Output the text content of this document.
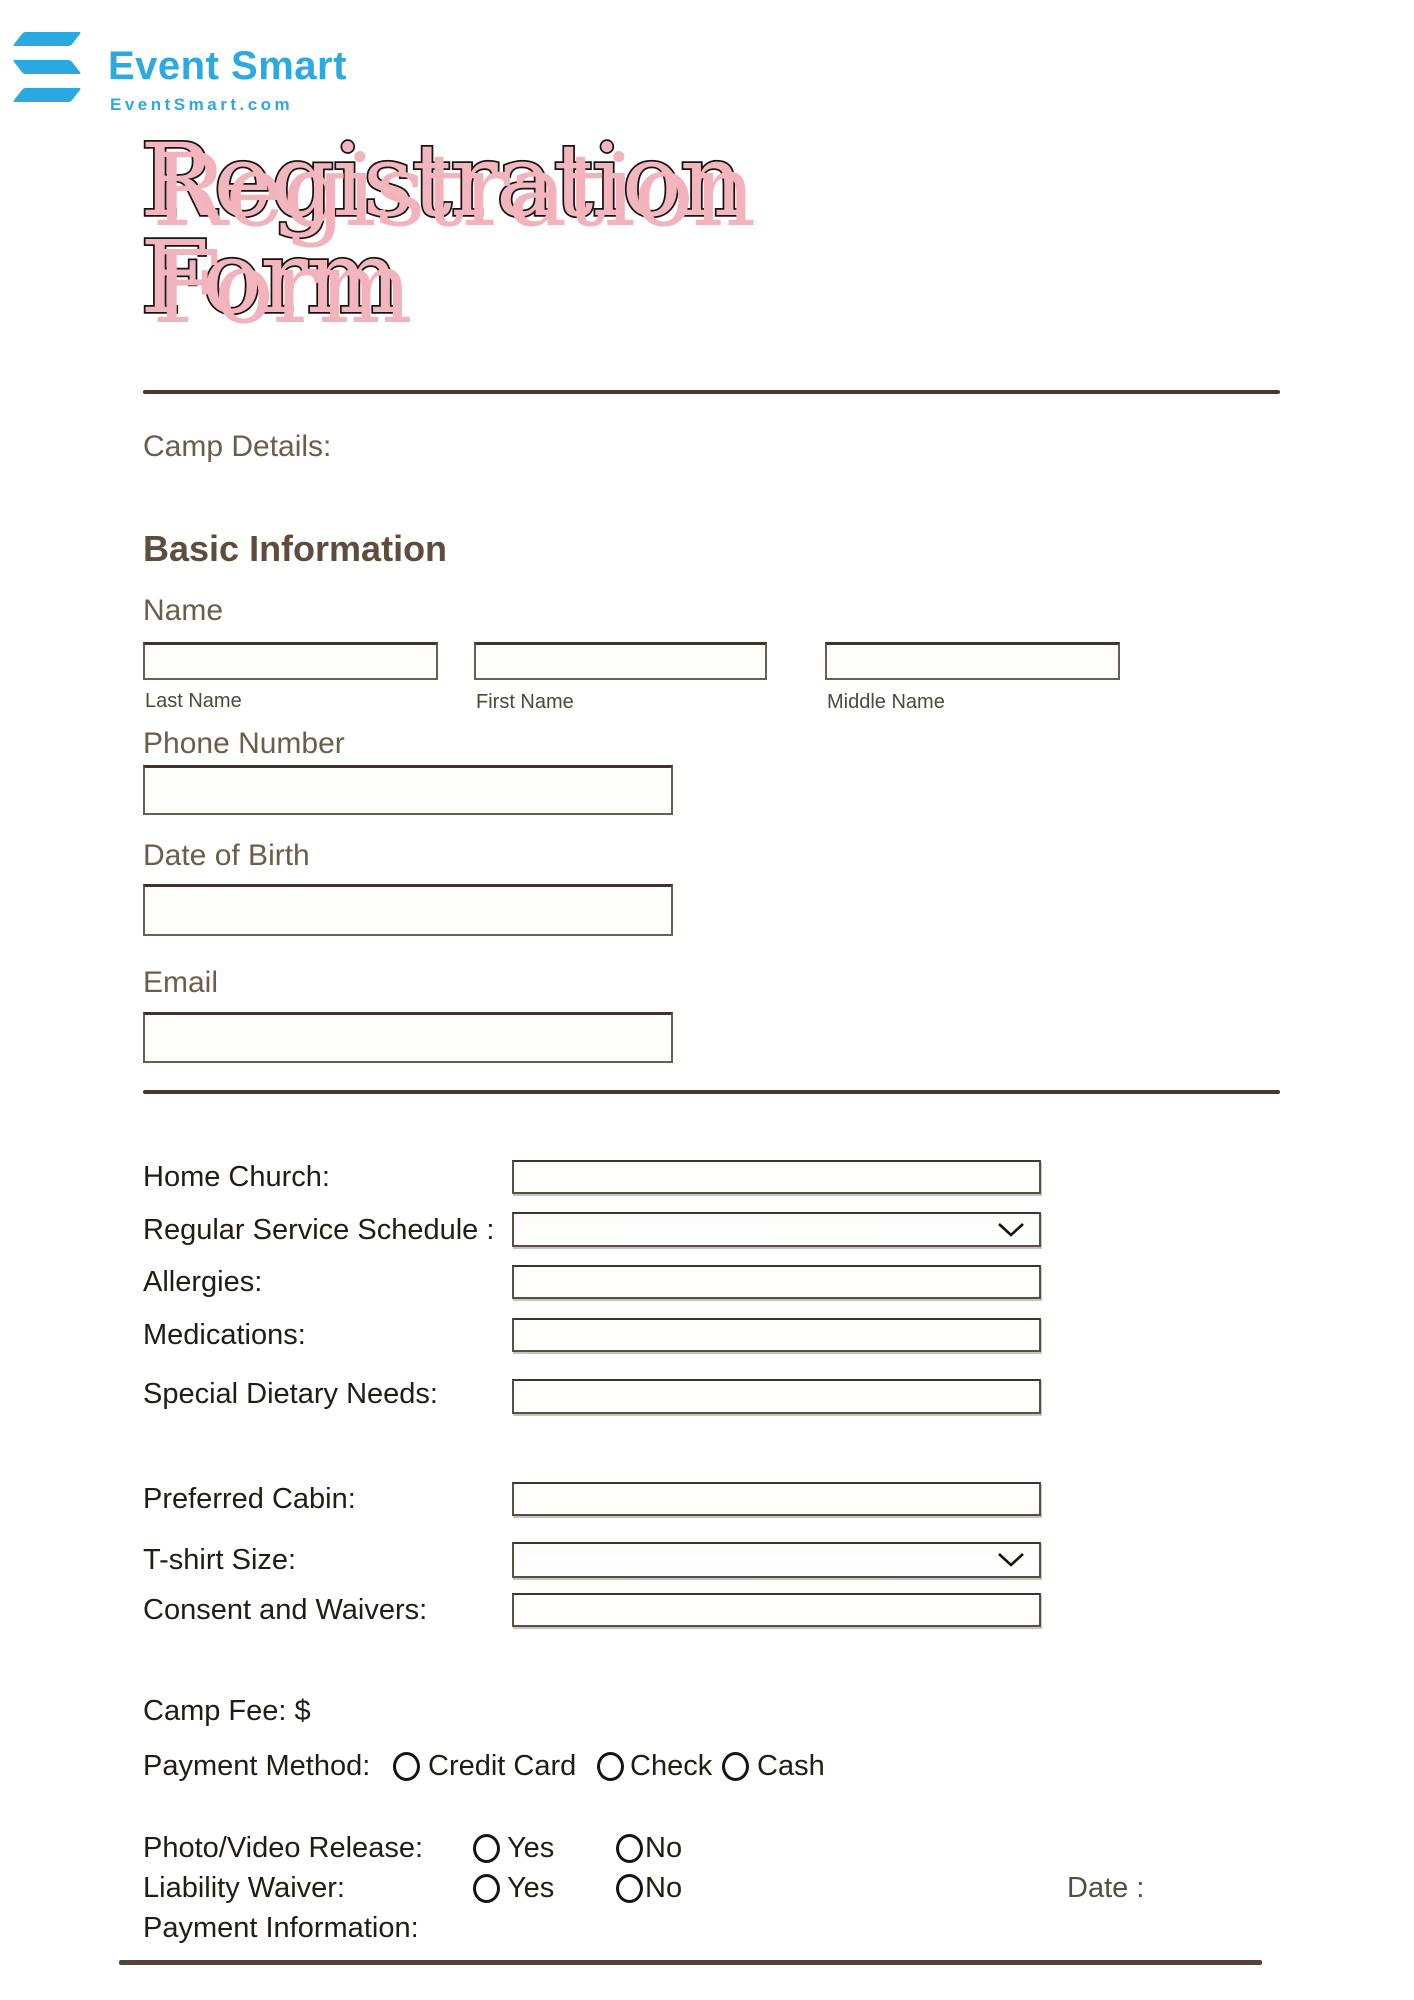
Event Smart
EventSmart.com
Registration
Form
Camp Details:
Basic Information
Name
Last Name	First Name	Middle Name
Phone Number
Date of Birth
Email
Home Church:
Regular Service Schedule :
Allergies:
Medications:
Special Dietary Needs:
Preferred Cabin:
T-shirt Size:
Consent and Waivers:
Camp Fee: $
Payment Method: Credit Card Check Cash
Photo/Video Release:	Yes	No
Liability Waiver:	Yes	No	Date :
Payment Information:
